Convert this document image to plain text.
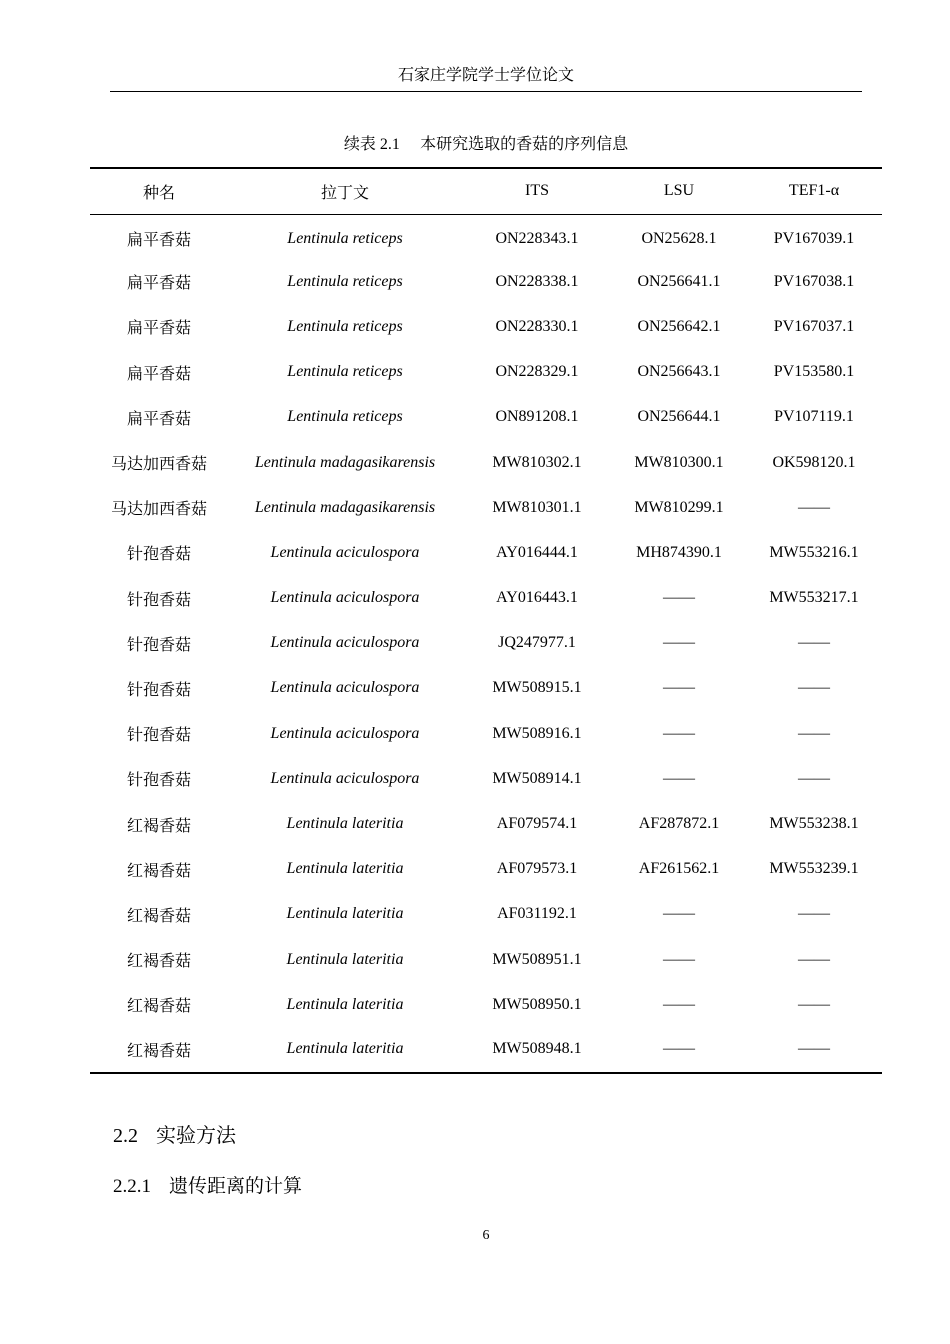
石家庄学院学士学位论文
续表 2.1 本研究选取的香菇的序列信息
种名	拉丁文	ITS	LSU	TEF1-α
扁平香菇	Lentinula reticeps	ON228343.1	ON25628.1	PV167039.1
扁平香菇	Lentinula reticeps	ON228338.1	ON256641.1	PV167038.1
扁平香菇	Lentinula reticeps	ON228330.1	ON256642.1	PV167037.1
扁平香菇	Lentinula reticeps	ON228329.1	ON256643.1	PV153580.1
扁平香菇	Lentinula reticeps	ON891208.1	ON256644.1	PV107119.1
马达加西香菇	Lentinula madagasikarensis	MW810302.1	MW810300.1	OK598120.1
马达加西香菇	Lentinula madagasikarensis	MW810301.1	MW810299.1	——
针孢香菇	Lentinula aciculospora	AY016444.1	MH874390.1	MW553216.1
针孢香菇	Lentinula aciculospora	AY016443.1	——	MW553217.1
针孢香菇	Lentinula aciculospora	JQ247977.1	——	——
针孢香菇	Lentinula aciculospora	MW508915.1	——	——
针孢香菇	Lentinula aciculospora	MW508916.1	——	——
针孢香菇	Lentinula aciculospora	MW508914.1	——	——
红褐香菇	Lentinula lateritia	AF079574.1	AF287872.1	MW553238.1
红褐香菇	Lentinula lateritia	AF079573.1	AF261562.1	MW553239.1
红褐香菇	Lentinula lateritia	AF031192.1	——	——
红褐香菇	Lentinula lateritia	MW508951.1	——	——
红褐香菇	Lentinula lateritia	MW508950.1	——	——
红褐香菇	Lentinula lateritia	MW508948.1	——	——
2.2 实验方法
2.2.1 遗传距离的计算
6
